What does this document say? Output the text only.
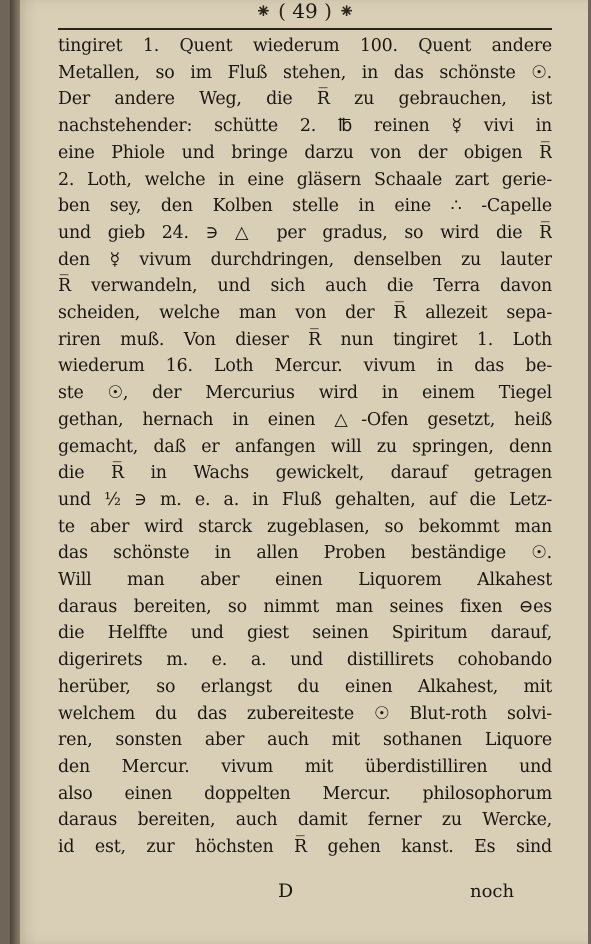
⁕ ( 49 ) ⁕
tingiret 1. Quent wiederum 100. Quent andere
Metallen, so im Fluß stehen, in das schönste ☉.
Der andere Weg, die R̅ zu gebrauchen, ist
nachstehender: schütte 2. ℔ reinen ☿ vivi in
eine Phiole und bringe darzu von der obigen R̅
2. Loth, welche in eine gläsern Schaale zart gerie-
ben sey, den Kolben stelle in eine ∴ -Capelle
und gieb 24. ∋ △ per gradus, so wird die R̅
den ☿ vivum durchdringen, denselben zu lauter
R̅ verwandeln, und sich auch die Terra davon
scheiden, welche man von der R̅ allezeit sepa-
riren muß. Von dieser R̅ nun tingiret 1. Loth
wiederum 16. Loth Mercur. vivum in das be-
ste ☉, der Mercurius wird in einem Tiegel
gethan, hernach in einen △-Ofen gesetzt, heiß
gemacht, daß er anfangen will zu springen, denn
die R̅ in Wachs gewickelt, darauf getragen
und ½ ∋ m. e. a. in Fluß gehalten, auf die Letz-
te aber wird starck zugeblasen, so bekommt man
das schönste in allen Proben beständige ☉.
Will man aber einen Liquorem Alkahest
daraus bereiten, so nimmt man seines fixen ⊖es
die Helffte und giest seinen Spiritum darauf,
digerirets m. e. a. und distillirets cohobando
herüber, so erlangst du einen Alkahest, mit
welchem du das zubereiteste ☉ Blut-roth solvi-
ren, sonsten aber auch mit sothanen Liquore
den Mercur. vivum mit überdistilliren und
also einen doppelten Mercur. philosophorum
daraus bereiten, auch damit ferner zu Wercke,
id est, zur höchsten R̅ gehen kanst. Es sind
D	noch
